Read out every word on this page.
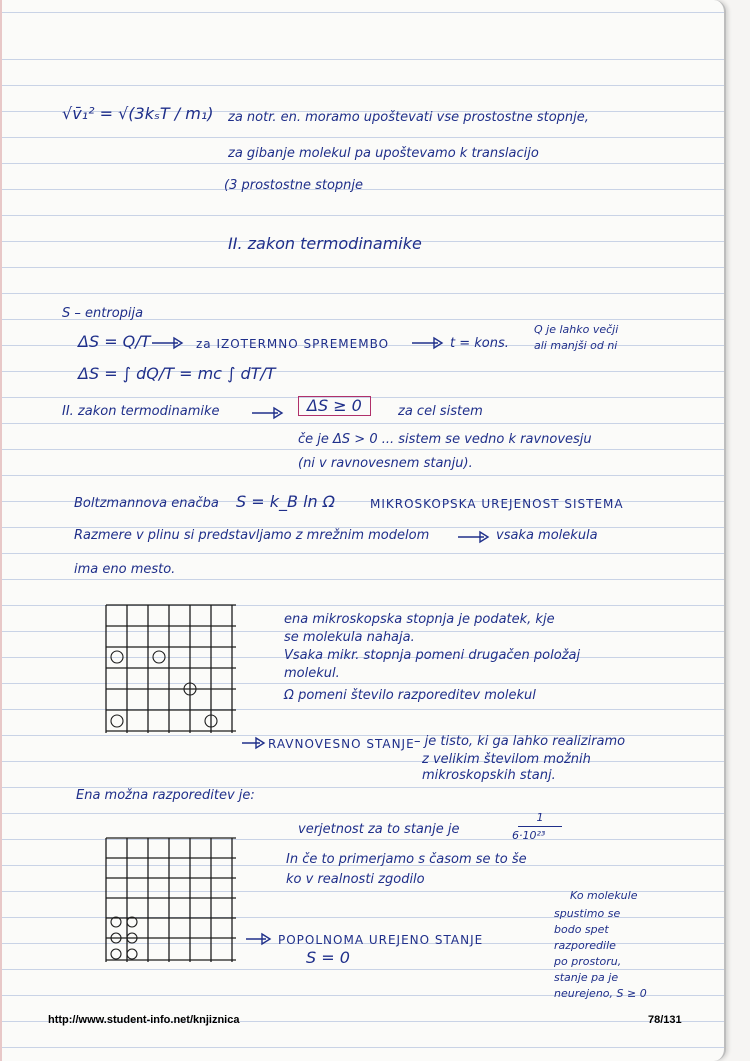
√v̄₁² = √(3kₛT / m₁) za notr. en. moramo upoštevati vse prostostne stopnje,
za gibanje molekul pa upoštevamo k translacijo
(3 prostostne stopnje
II. zakon termodinamike
S – entropija
ΔS = Q/T	za IZOTERMNO SPREMEMBO	t = kons.
Q je lahko večji
ali manjši od ni
ΔS = ∫ dQ/T = mc ∫ dT/T
II. zakon termodinamike	ΔS ≥ 0	za cel sistem
če je ΔS > 0 ... sistem se vedno k ravnovesju
(ni v ravnovesnem stanju).
Boltzmannova enačba S = k_B ln Ω	MIKROSKOPSKA UREJENOST SISTEMA
Razmere v plinu si predstavljamo z mrežnim modelom	vsaka molekula
ima eno mesto.
ena mikroskopska stopnja je podatek, kje
se molekula nahaja.
Vsaka mikr. stopnja pomeni drugačen položaj
molekul.
Ω pomeni število razporeditev molekul
RAVNOVESNO STANJE – je tisto, ki ga lahko realiziramo
z velikim številom možnih
mikroskopskih stanj.
Ena možna razporeditev je:
verjetnost za to stanje je
1
6·10²³
In če to primerjamo s časom se to še
ko v realnosti zgodilo
POPOLNOMA UREJENO STANJE
S = 0
Ko molekule
spustimo se
bodo spet
razporedile
po prostoru,
stanje pa je
neurejeno, S ≥ 0
http://www.student-info.net/knjiznica	78/131
